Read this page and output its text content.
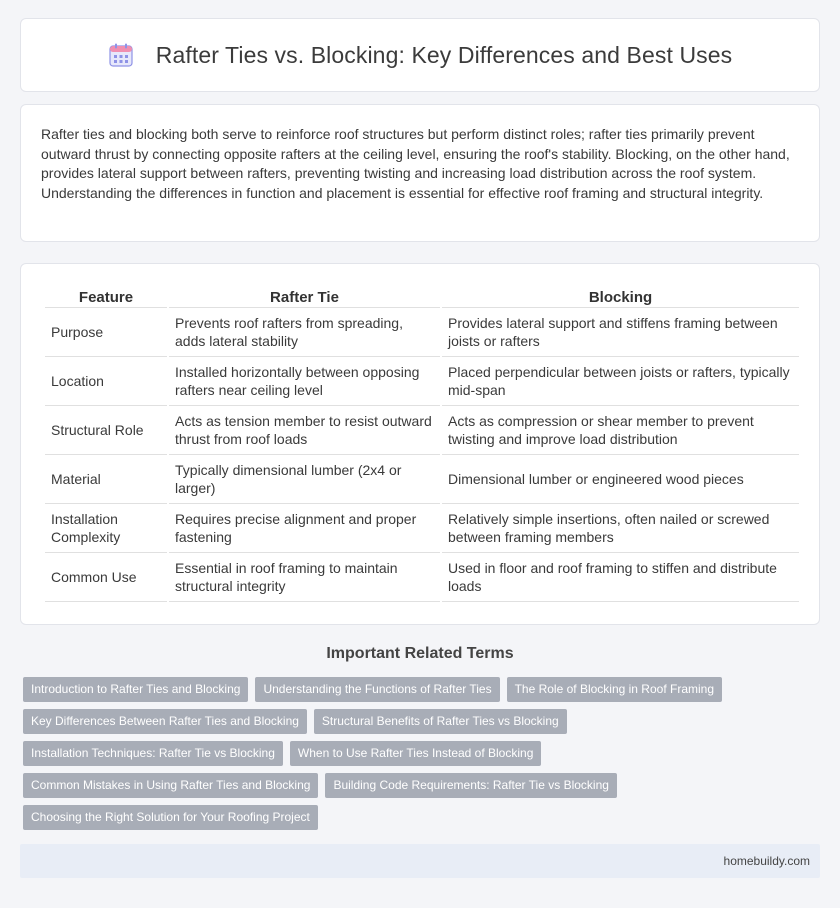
Rafter Ties vs. Blocking: Key Differences and Best Uses

Rafter ties and blocking both serve to reinforce roof structures but perform distinct roles; rafter ties primarily prevent outward thrust by connecting opposite rafters at the ceiling level, ensuring the roof's stability. Blocking, on the other hand, provides lateral support between rafters, preventing twisting and increasing load distribution across the roof system. Understanding the differences in function and placement is essential for effective roof framing and structural integrity.

Feature	Rafter Tie	Blocking
Purpose	Prevents roof rafters from spreading, adds lateral stability	Provides lateral support and stiffens framing between joists or rafters
Location	Installed horizontally between opposing rafters near ceiling level	Placed perpendicular between joists or rafters, typically mid-span
Structural Role	Acts as tension member to resist outward thrust from roof loads	Acts as compression or shear member to prevent twisting and improve load distribution
Material	Typically dimensional lumber (2x4 or larger)	Dimensional lumber or engineered wood pieces
Installation Complexity	Requires precise alignment and proper fastening	Relatively simple insertions, often nailed or screwed between framing members
Common Use	Essential in roof framing to maintain structural integrity	Used in floor and roof framing to stiffen and distribute loads
Important Related Terms
Introduction to Rafter Ties and Blocking	Understanding the Functions of Rafter Ties	The Role of Blocking in Roof Framing
Key Differences Between Rafter Ties and Blocking	Structural Benefits of Rafter Ties vs Blocking
Installation Techniques: Rafter Tie vs Blocking	When to Use Rafter Ties Instead of Blocking
Common Mistakes in Using Rafter Ties and Blocking	Building Code Requirements: Rafter Tie vs Blocking
Choosing the Right Solution for Your Roofing Project
homebuildy.com
